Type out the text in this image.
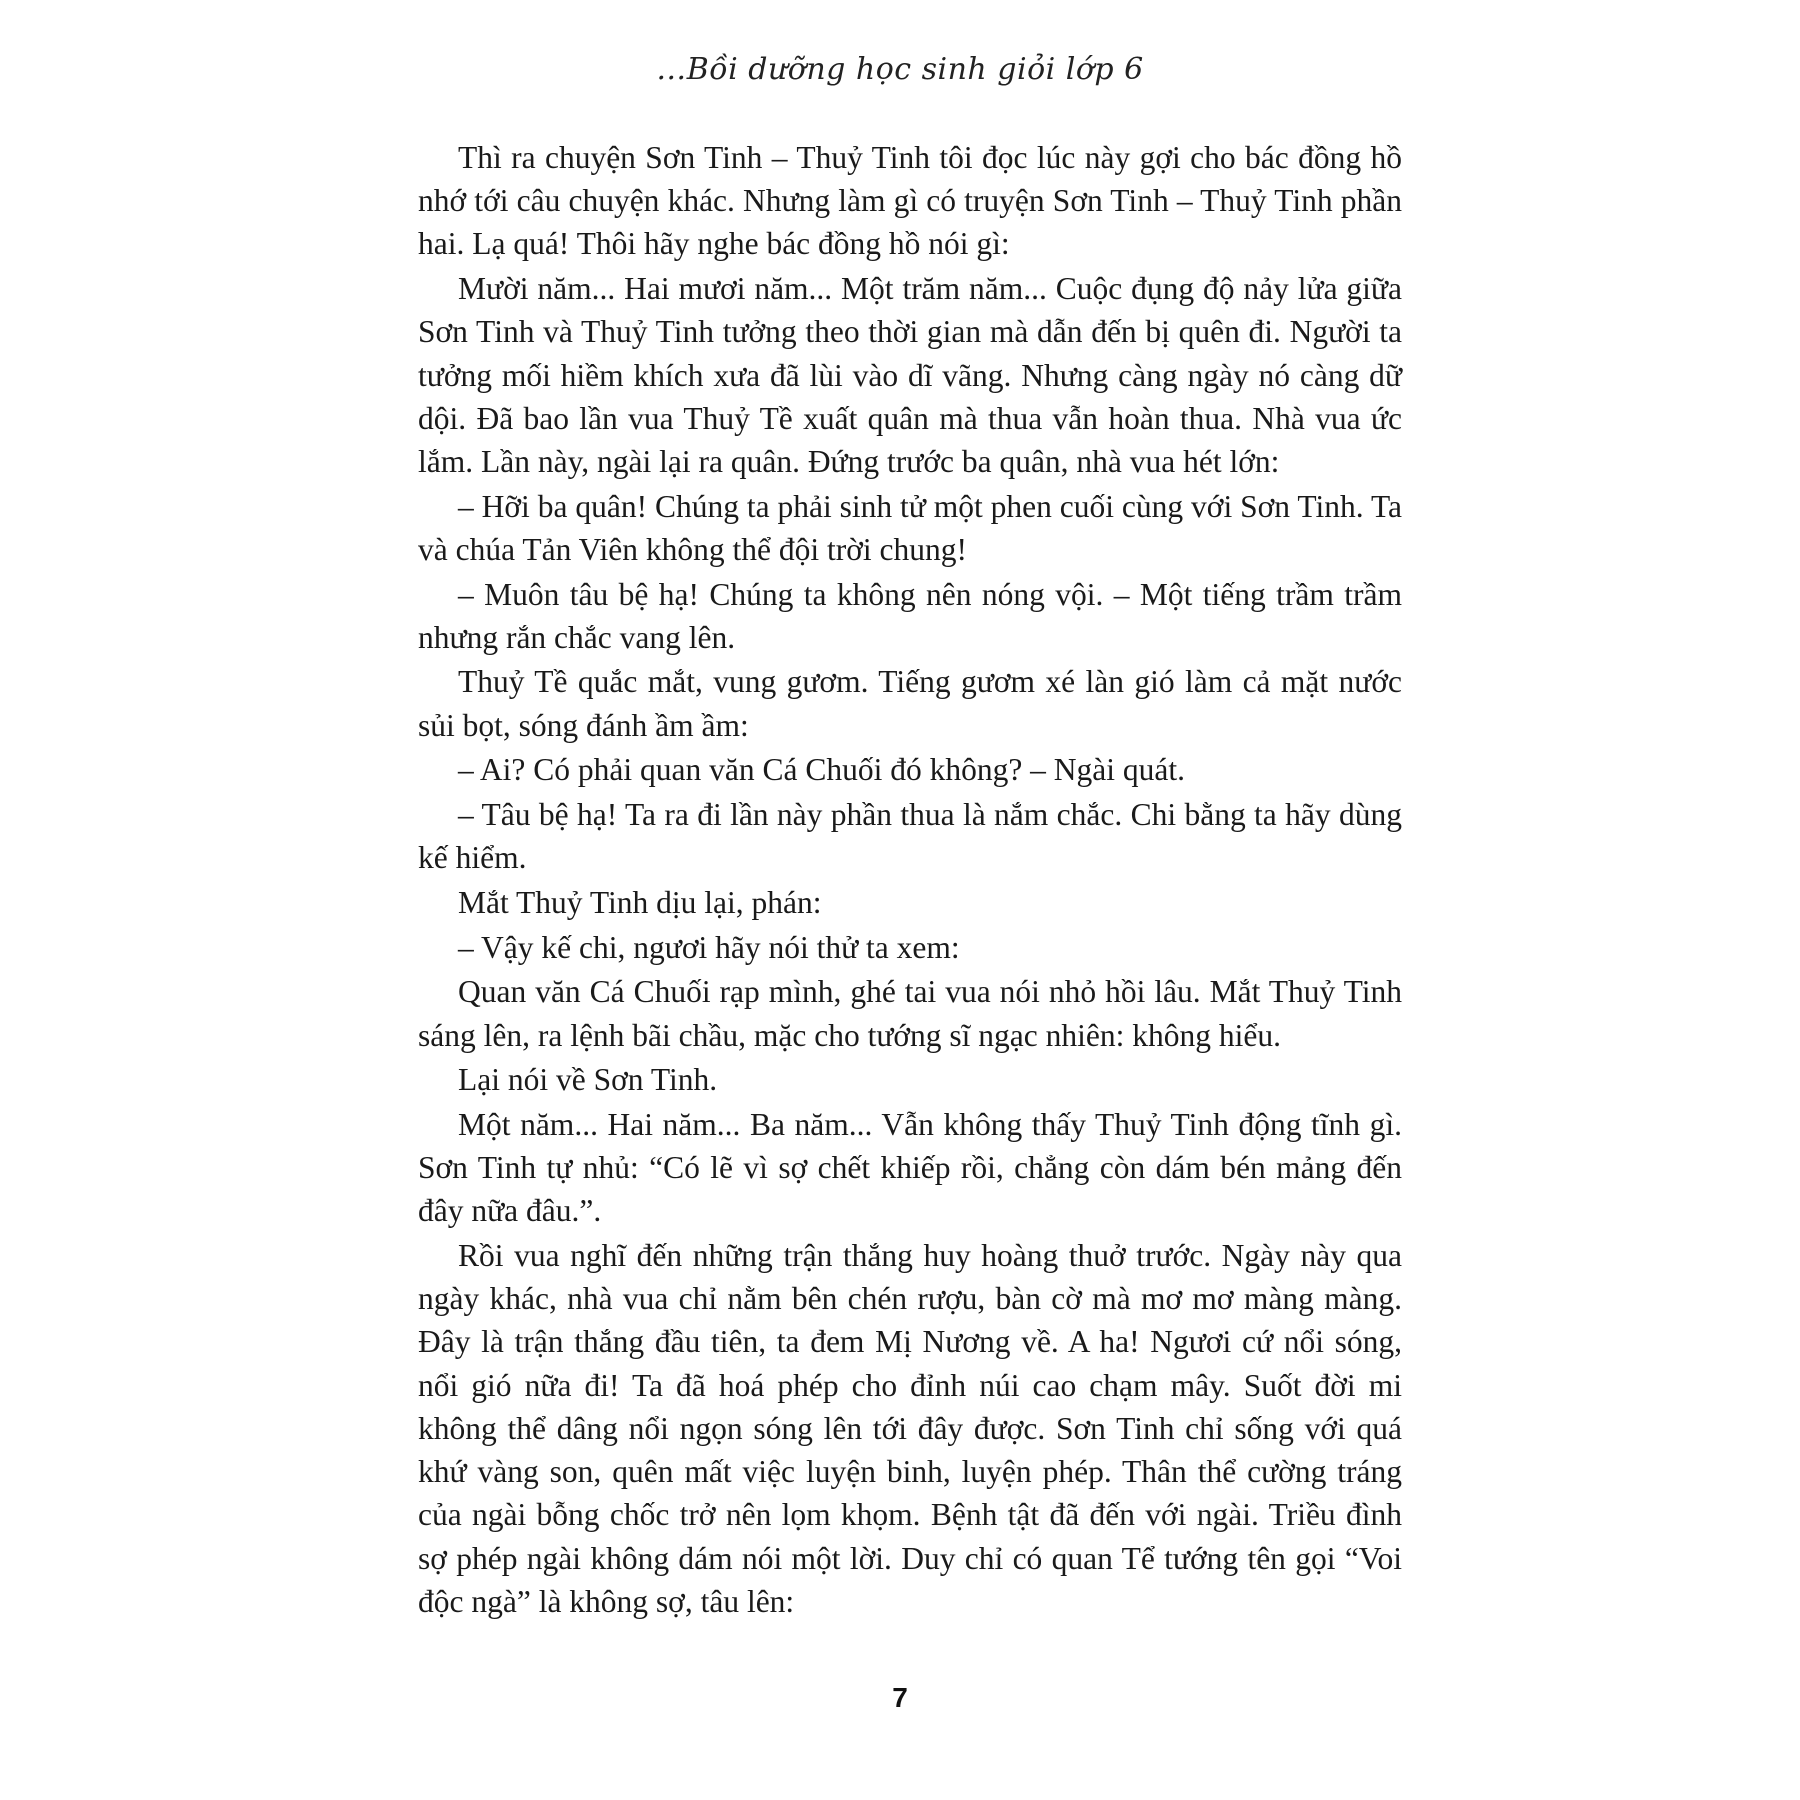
…Bồi dưỡng học sinh giỏi lớp 6

Thì ra chuyện Sơn Tinh – Thuỷ Tinh tôi đọc lúc này gợi cho bác đồng hồ nhớ tới câu chuyện khác. Nhưng làm gì có truyện Sơn Tinh – Thuỷ Tinh phần hai. Lạ quá! Thôi hãy nghe bác đồng hồ nói gì:

Mười năm... Hai mươi năm... Một trăm năm... Cuộc đụng độ nảy lửa giữa Sơn Tinh và Thuỷ Tinh tưởng theo thời gian mà dẫn đến bị quên đi. Người ta tưởng mối hiềm khích xưa đã lùi vào dĩ vãng. Nhưng càng ngày nó càng dữ dội. Đã bao lần vua Thuỷ Tề xuất quân mà thua vẫn hoàn thua. Nhà vua ức lắm. Lần này, ngài lại ra quân. Đứng trước ba quân, nhà vua hét lớn:

– Hỡi ba quân! Chúng ta phải sinh tử một phen cuối cùng với Sơn Tinh. Ta và chúa Tản Viên không thể đội trời chung!

– Muôn tâu bệ hạ! Chúng ta không nên nóng vội. – Một tiếng trầm trầm nhưng rắn chắc vang lên.

Thuỷ Tề quắc mắt, vung gươm. Tiếng gươm xé làn gió làm cả mặt nước sủi bọt, sóng đánh ầm ầm:

– Ai? Có phải quan văn Cá Chuối đó không? – Ngài quát.

– Tâu bệ hạ! Ta ra đi lần này phần thua là nắm chắc. Chi bằng ta hãy dùng kế hiểm.

Mắt Thuỷ Tinh dịu lại, phán:

– Vậy kế chi, ngươi hãy nói thử ta xem:

Quan văn Cá Chuối rạp mình, ghé tai vua nói nhỏ hồi lâu. Mắt Thuỷ Tinh sáng lên, ra lệnh bãi chầu, mặc cho tướng sĩ ngạc nhiên: không hiểu.

Lại nói về Sơn Tinh.

Một năm... Hai năm... Ba năm... Vẫn không thấy Thuỷ Tinh động tĩnh gì. Sơn Tinh tự nhủ: “Có lẽ vì sợ chết khiếp rồi, chẳng còn dám bén mảng đến đây nữa đâu.”.

Rồi vua nghĩ đến những trận thắng huy hoàng thuở trước. Ngày này qua ngày khác, nhà vua chỉ nằm bên chén rượu, bàn cờ mà mơ mơ màng màng. Đây là trận thắng đầu tiên, ta đem Mị Nương về. A ha! Ngươi cứ nổi sóng, nổi gió nữa đi! Ta đã hoá phép cho đỉnh núi cao chạm mây. Suốt đời mi không thể dâng nổi ngọn sóng lên tới đây được. Sơn Tinh chỉ sống với quá khứ vàng son, quên mất việc luyện binh, luyện phép. Thân thể cường tráng của ngài bỗng chốc trở nên lọm khọm. Bệnh tật đã đến với ngài. Triều đình sợ phép ngài không dám nói một lời. Duy chỉ có quan Tể tướng tên gọi “Voi độc ngà” là không sợ, tâu lên:

7
